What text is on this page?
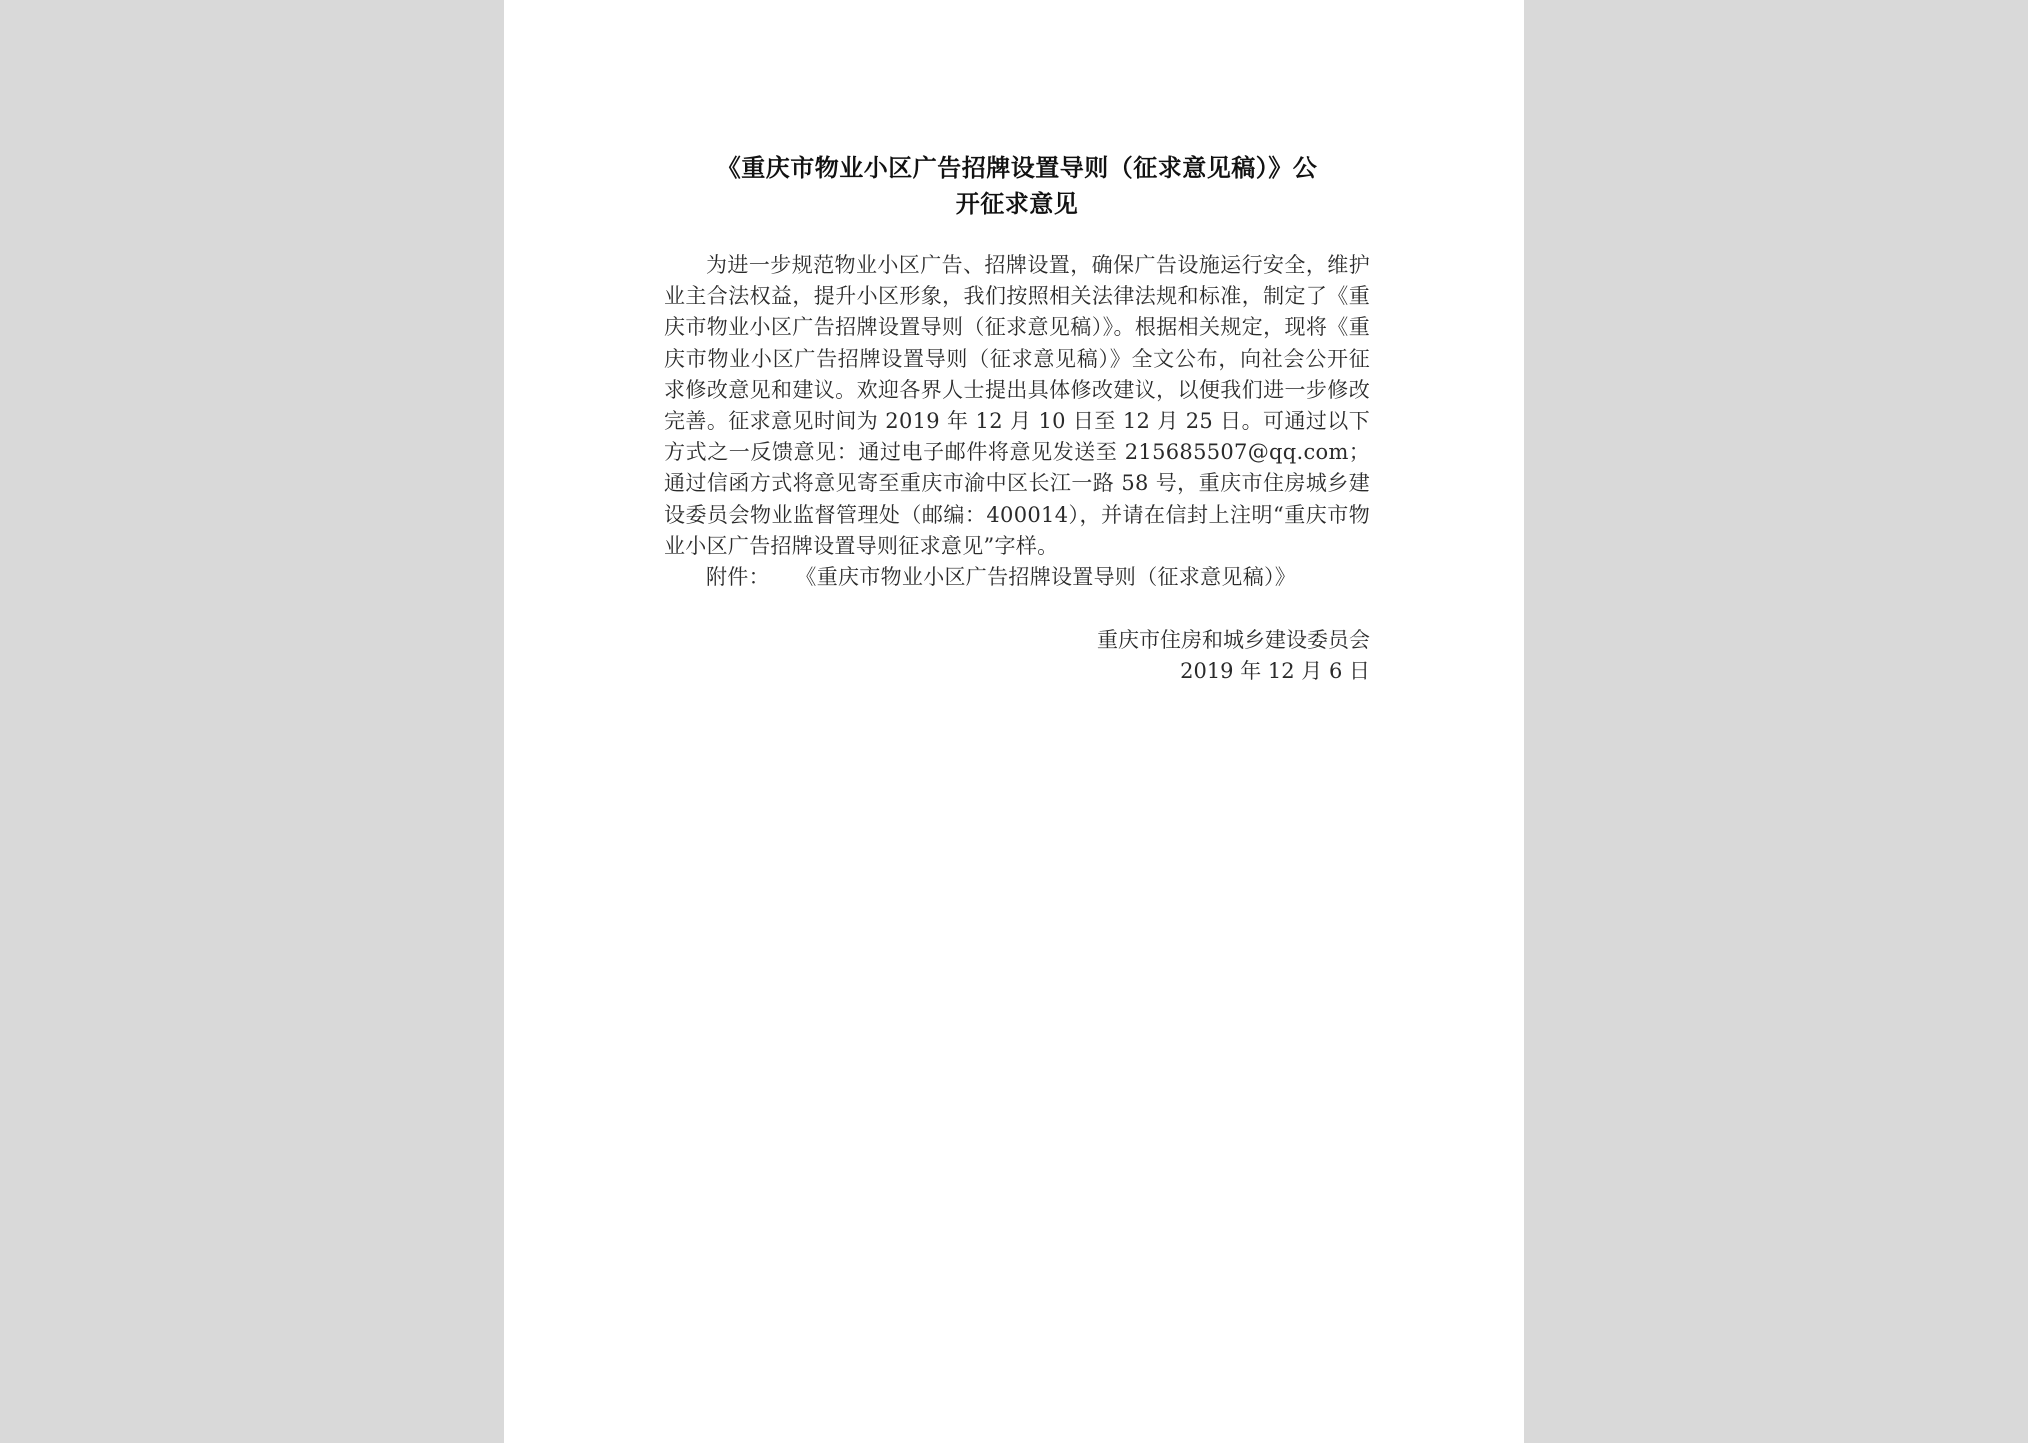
《重庆市物业小区广告招牌设置导则（征求意见稿）》公
开征求意见

为进一步规范物业小区广告、招牌设置，确保广告设施运行安全，维护业主合法权益，提升小区形象，我们按照相关法律法规和标准，制定了《重庆市物业小区广告招牌设置导则（征求意见稿）》。根据相关规定，现将《重庆市物业小区广告招牌设置导则（征求意见稿）》全文公布，向社会公开征求修改意见和建议。欢迎各界人士提出具体修改建议，以便我们进一步修改完善。征求意见时间为 2019 年 12 月 10 日至 12 月 25 日。可通过以下方式之一反馈意见：通过电子邮件将意见发送至 215685507@qq.com；通过信函方式将意见寄至重庆市渝中区长江一路 58 号，重庆市住房城乡建设委员会物业监督管理处（邮编：400014），并请在信封上注明“重庆市物业小区广告招牌设置导则征求意见”字样。

附件： 《重庆市物业小区广告招牌设置导则（征求意见稿）》

重庆市住房和城乡建设委员会
2019 年 12 月 6 日
